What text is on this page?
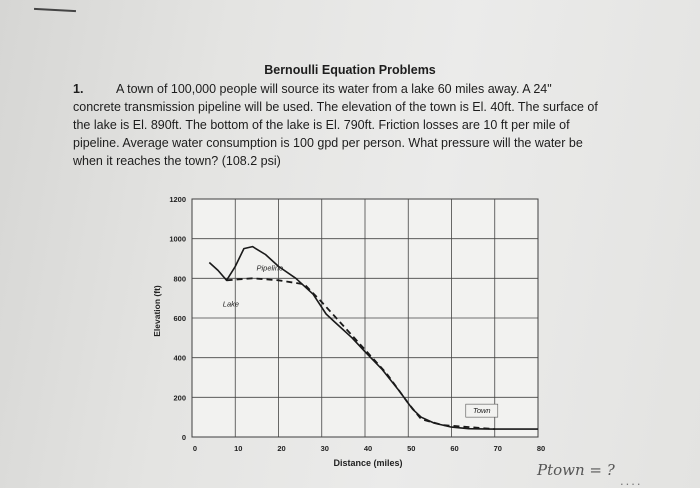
Bernoulli Equation Problems
1.	A town of 100,000 people will source its water from a lake 60 miles away. A 24"
concrete transmission pipeline will be used. The elevation of the town is El. 40ft. The surface of
the lake is El. 890ft. The bottom of the lake is El. 790ft. Friction losses are 10 ft per mile of
pipeline. Average water consumption is 100 gpd per person. What pressure will the water be
when it reaches the town? (108.2 psi)
0
200
400
600
800
1000
1200
0	10	20	30	40	50	60	70	80
Lake
Pipeline
Town
Distance (miles)
Elevation (ft)
Ptown = ?
....
